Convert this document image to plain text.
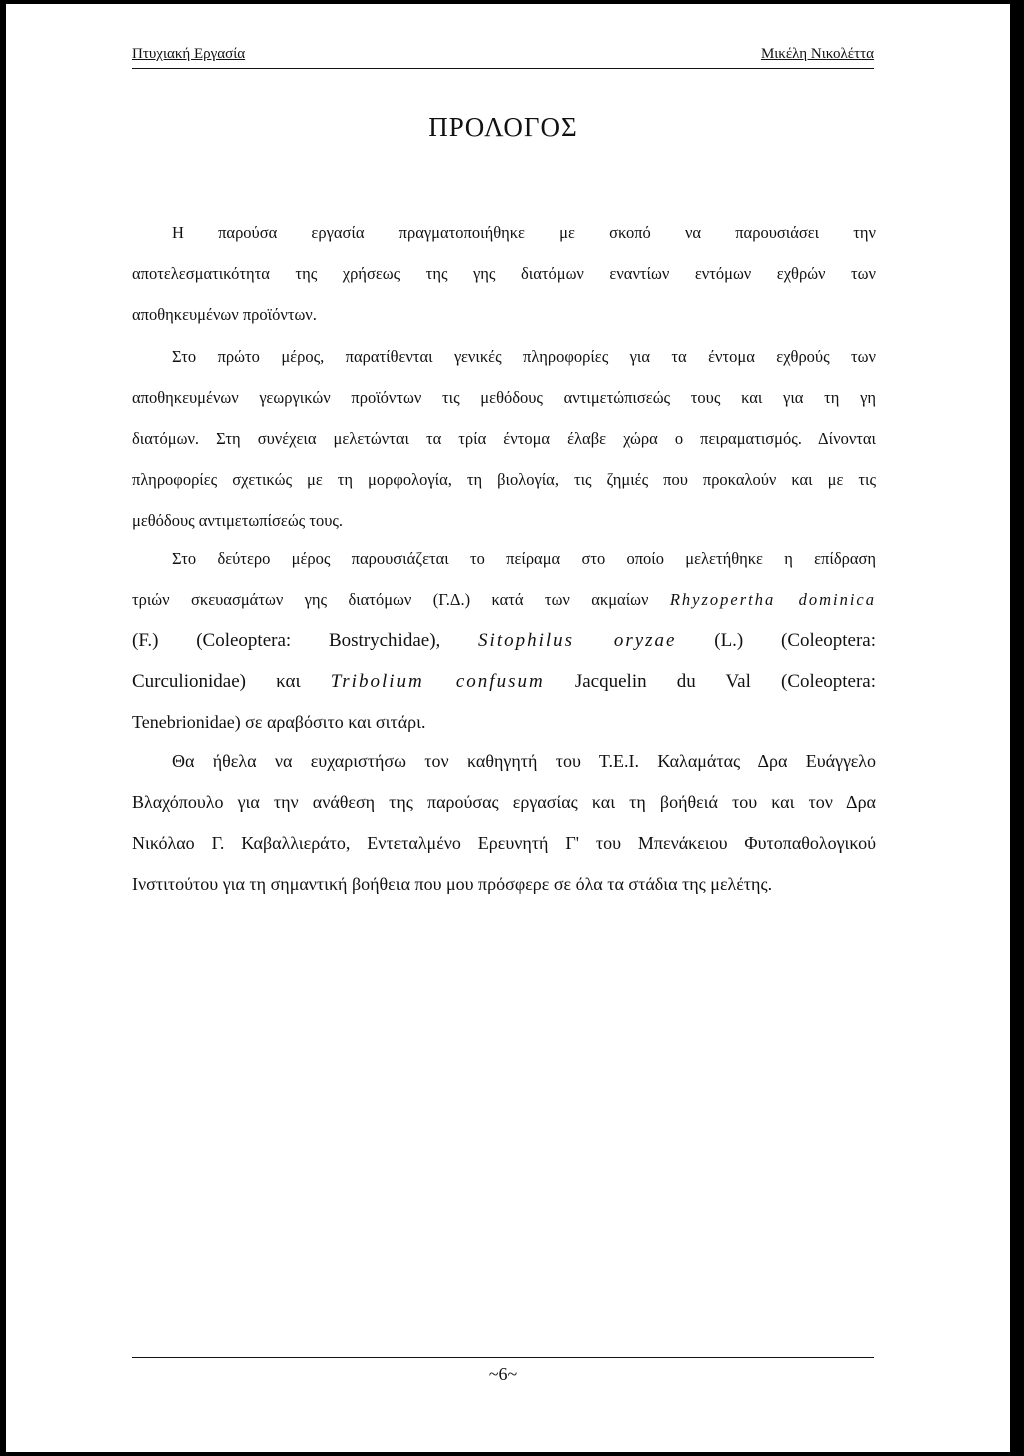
Πτυχιακή Εργασία	Μικέλη Νικολέττα
ΠΡΟΛΟΓΟΣ
Η παρούσα εργασία πραγματοποιήθηκε με σκοπό να παρουσιάσει την
αποτελεσματικότητα της χρήσεως της γης διατόμων εναντίων εντόμων εχθρών των
αποθηκευμένων προϊόντων.
Στο πρώτο μέρος, παρατίθενται γενικές πληροφορίες για τα έντομα εχθρούς των
αποθηκευμένων γεωργικών προϊόντων τις μεθόδους αντιμετώπισεώς τους και για τη γη
διατόμων. Στη συνέχεια μελετώνται τα τρία έντομα έλαβε χώρα ο πειραματισμός. Δίνονται
πληροφορίες σχετικώς με τη μορφολογία, τη βιολογία, τις ζημιές που προκαλούν και με τις
μεθόδους αντιμετωπίσεώς τους.
Στο δεύτερο μέρος παρουσιάζεται το πείραμα στο οποίο μελετήθηκε η επίδραση
τριών σκευασμάτων γης διατόμων (Γ.Δ.) κατά των ακμαίων Rhyzopertha dominica
(F.) (Coleoptera: Bostrychidae), Sitophilus oryzae (L.) (Coleoptera:
Curculionidae) και Tribolium confusum Jacquelin du Val (Coleoptera:
Tenebrionidae) σε αραβόσιτο και σιτάρι.
Θα ήθελα να ευχαριστήσω τον καθηγητή του Τ.Ε.Ι. Καλαμάτας Δρα Ευάγγελο
Βλαχόπουλο για την ανάθεση της παρούσας εργασίας και τη βοήθειά του και τον Δρα
Νικόλαο Γ. Καβαλλιεράτο, Εντεταλμένο Ερευνητή Γ' του Μπενάκειου Φυτοπαθολογικού
Ινστιτούτου για τη σημαντική βοήθεια που μου πρόσφερε σε όλα τα στάδια της μελέτης.
~6~
